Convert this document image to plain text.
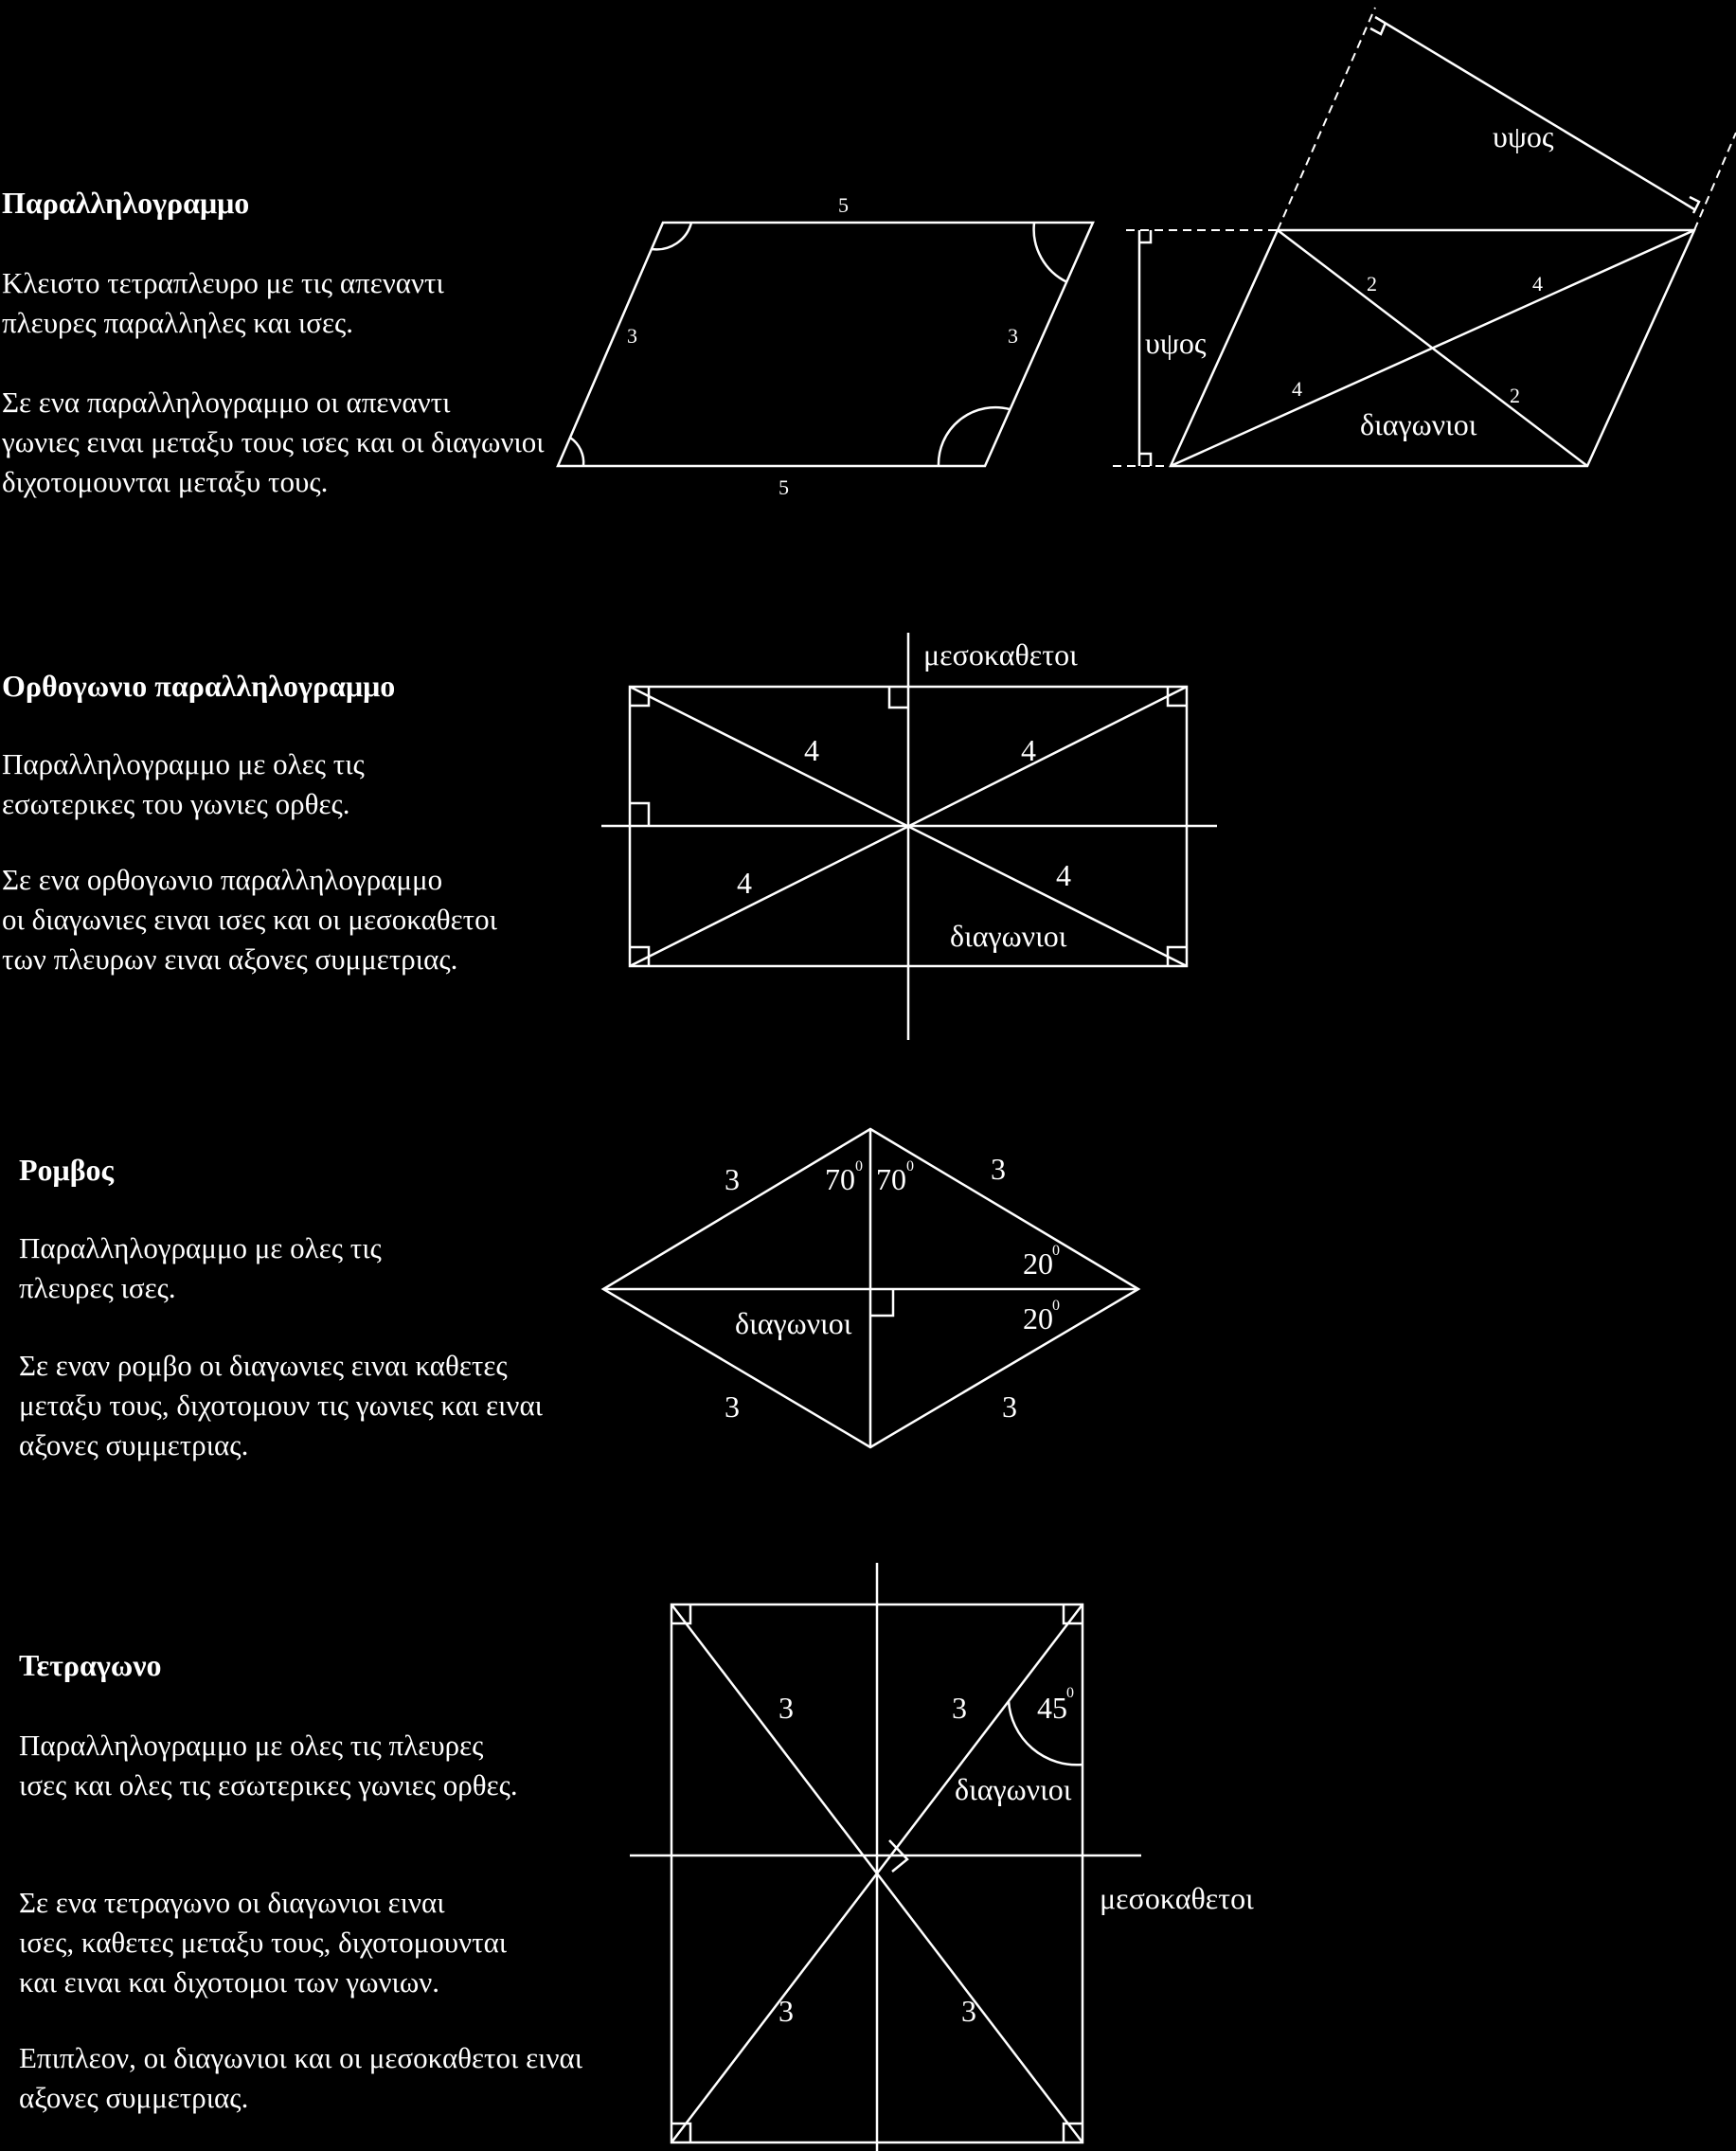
Παραλληλογραμμο
Κλειστο τετραπλευρο με τις απεναντι
πλευρες παραλληλες και ισες.
Σε ενα παραλληλογραμμο οι απεναντι
γωνιες ειναι μεταξυ τους ισες και οι διαγωνιοι
διχοτομουνται μεταξυ τους.
Ορθογωνιο παραλληλογραμμο
Παραλληλογραμμο με ολες τις
εσωτερικες του γωνιες ορθες.
Σε ενα ορθογωνιο παραλληλογραμμο
οι διαγωνιες ειναι ισες και οι μεσοκαθετοι
των πλευρων ειναι αξονες συμμετριας.
Ρομβος
Παραλληλογραμμο με ολες τις
πλευρες ισες.
Σε εναν ρομβο οι διαγωνιες ειναι καθετες
μεταξυ τους, διχοτομουν τις γωνιες και ειναι
αξονες συμμετριας.
Τετραγωνο
Παραλληλογραμμο με ολες τις πλευρες
ισες και ολες τις εσωτερικες γωνιες ορθες.
Σε ενα τετραγωνο οι διαγωνιοι ειναι
ισες, καθετες μεταξυ τους, διχοτομουνται
και ειναι και διχοτομοι των γωνιων.
Επιπλεον, οι διαγωνιοι και οι μεσοκαθετοι ειναι
αξονες συμμετριας.
5
5
3	3
υψος
υψος
2	4
4	2
διαγωνιοι
μεσοκαθετοι
4	4
4	4
διαγωνιοι
3	3
3	3
70 0 70 0
20 0
20 0
διαγωνιοι
3	3
3	3
45 0
διαγωνιοι
μεσοκαθετοι
